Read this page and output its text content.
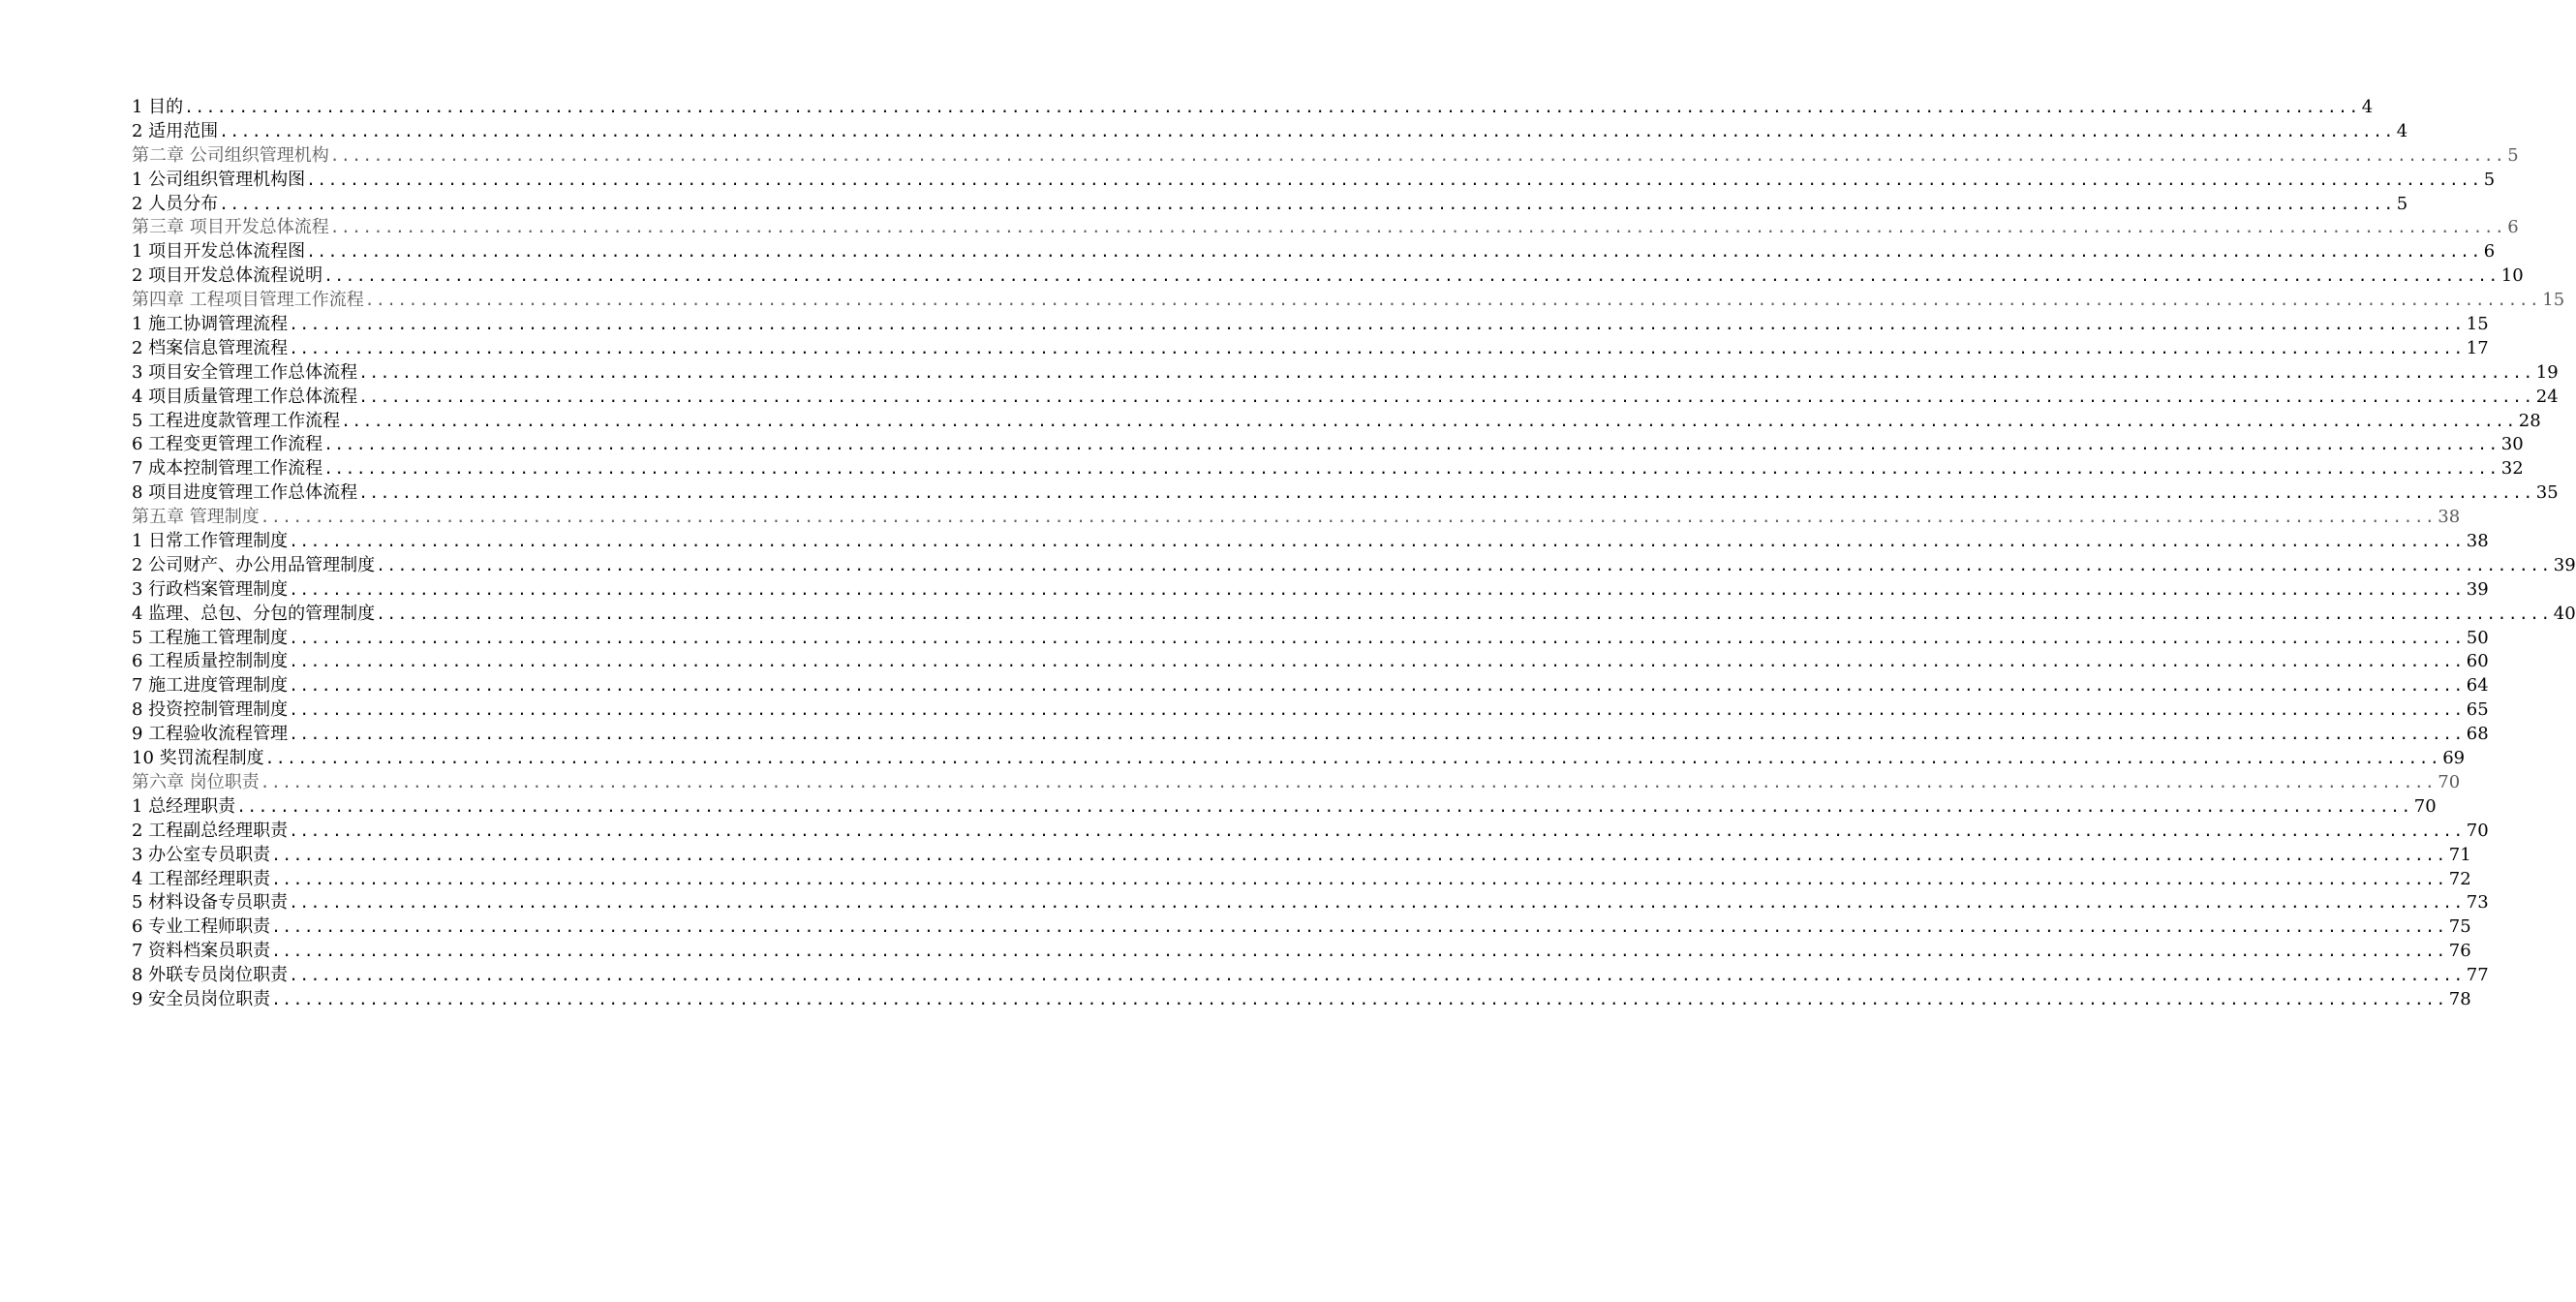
1 目的 ........................................................................................................................................................................................................ 4
2 适用范围 ........................................................................................................................................................................................................ 4
第二章 公司组织管理机构 ........................................................................................................................................................................................................ 5
1 公司组织管理机构图 ........................................................................................................................................................................................................ 5
2 人员分布 ........................................................................................................................................................................................................ 5
第三章 项目开发总体流程 ........................................................................................................................................................................................................ 6
1 项目开发总体流程图 ........................................................................................................................................................................................................ 6
2 项目开发总体流程说明 ........................................................................................................................................................................................................ 10
第四章 工程项目管理工作流程 ........................................................................................................................................................................................................ 15
1 施工协调管理流程 ........................................................................................................................................................................................................ 15
2 档案信息管理流程 ........................................................................................................................................................................................................ 17
3 项目安全管理工作总体流程 ........................................................................................................................................................................................................ 19
4 项目质量管理工作总体流程 ........................................................................................................................................................................................................ 24
5 工程进度款管理工作流程 ........................................................................................................................................................................................................ 28
6 工程变更管理工作流程 ........................................................................................................................................................................................................ 30
7 成本控制管理工作流程 ........................................................................................................................................................................................................ 32
8 项目进度管理工作总体流程 ........................................................................................................................................................................................................ 35
第五章 管理制度 ........................................................................................................................................................................................................ 38
1 日常工作管理制度 ........................................................................................................................................................................................................ 38
2 公司财产、办公用品管理制度 ........................................................................................................................................................................................................ 39
3 行政档案管理制度 ........................................................................................................................................................................................................ 39
4 监理、总包、分包的管理制度 ........................................................................................................................................................................................................ 40
5 工程施工管理制度 ........................................................................................................................................................................................................ 50
6 工程质量控制制度 ........................................................................................................................................................................................................ 60
7 施工进度管理制度 ........................................................................................................................................................................................................ 64
8 投资控制管理制度 ........................................................................................................................................................................................................ 65
9 工程验收流程管理 ........................................................................................................................................................................................................ 68
10 奖罚流程制度 ........................................................................................................................................................................................................ 69
第六章 岗位职责 ........................................................................................................................................................................................................ 70
1 总经理职责 ........................................................................................................................................................................................................ 70
2 工程副总经理职责 ........................................................................................................................................................................................................ 70
3 办公室专员职责 ........................................................................................................................................................................................................ 71
4 工程部经理职责 ........................................................................................................................................................................................................ 72
5 材料设备专员职责 ........................................................................................................................................................................................................ 73
6 专业工程师职责 ........................................................................................................................................................................................................ 75
7 资料档案员职责 ........................................................................................................................................................................................................ 76
8 外联专员岗位职责 ........................................................................................................................................................................................................ 77
9 安全员岗位职责 ........................................................................................................................................................................................................ 78
